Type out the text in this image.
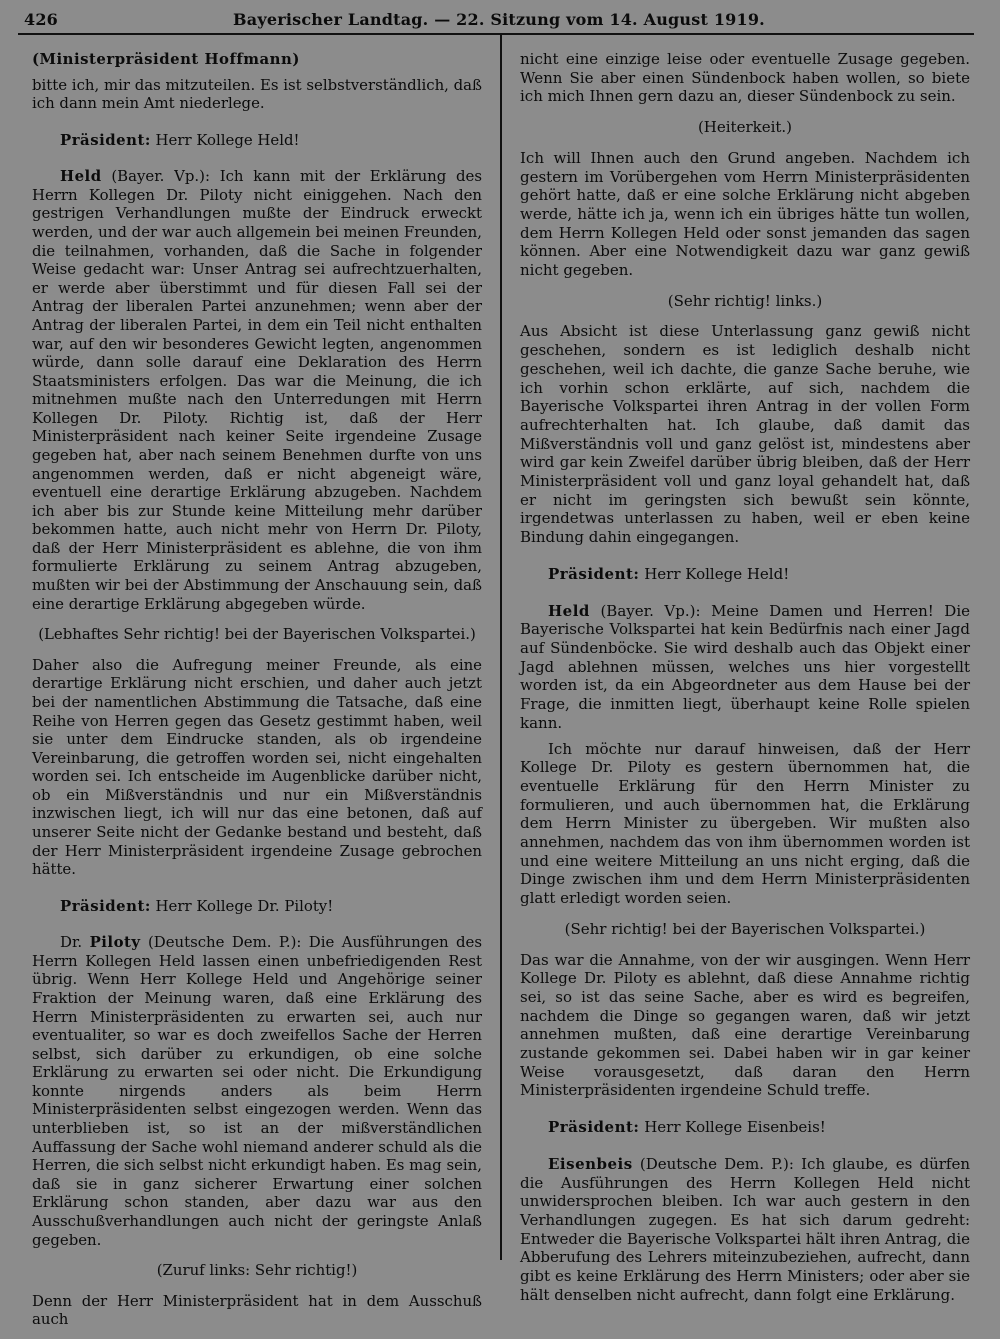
426	Bayerischer Landtag. — 22. Sitzung vom 14. August 1919.

(Ministerpräsident Hoffmann)

bitte ich, mir das mitzuteilen. Es ist selbstverständlich, daß ich dann mein Amt niederlege.

Präsident: Herr Kollege Held!

Held (Bayer. Vp.): Ich kann mit der Erklärung des Herrn Kollegen Dr. Piloty nicht einiggehen. Nach den gestrigen Verhandlungen mußte der Eindruck erweckt werden, und der war auch allgemein bei meinen Freunden, die teilnahmen, vorhanden, daß die Sache in folgender Weise gedacht war: Unser Antrag sei aufrechtzuerhalten, er werde aber überstimmt und für diesen Fall sei der Antrag der liberalen Partei anzunehmen; wenn aber der Antrag der liberalen Partei, in dem ein Teil nicht enthalten war, auf den wir besonderes Gewicht legten, angenommen würde, dann solle darauf eine Deklaration des Herrn Staatsministers erfolgen. Das war die Meinung, die ich mitnehmen mußte nach den Unterredungen mit Herrn Kollegen Dr. Piloty. Richtig ist, daß der Herr Ministerpräsident nach keiner Seite irgendeine Zusage gegeben hat, aber nach seinem Benehmen durfte von uns angenommen werden, daß er nicht abgeneigt wäre, eventuell eine derartige Erklärung abzugeben. Nachdem ich aber bis zur Stunde keine Mitteilung mehr darüber bekommen hatte, auch nicht mehr von Herrn Dr. Piloty, daß der Herr Ministerpräsident es ablehne, die von ihm formulierte Erklärung zu seinem Antrag abzugeben, mußten wir bei der Abstimmung der Anschauung sein, daß eine derartige Erklärung abgegeben würde.

(Lebhaftes Sehr richtig! bei der Bayerischen Volkspartei.)

Daher also die Aufregung meiner Freunde, als eine derartige Erklärung nicht erschien, und daher auch jetzt bei der namentlichen Abstimmung die Tatsache, daß eine Reihe von Herren gegen das Gesetz gestimmt haben, weil sie unter dem Eindrucke standen, als ob irgendeine Vereinbarung, die getroffen worden sei, nicht eingehalten worden sei. Ich entscheide im Augenblicke darüber nicht, ob ein Mißverständnis und nur ein Mißverständnis inzwischen liegt, ich will nur das eine betonen, daß auf unserer Seite nicht der Gedanke bestand und besteht, daß der Herr Ministerpräsident irgendeine Zusage gebrochen hätte.

Präsident: Herr Kollege Dr. Piloty!

Dr. Piloty (Deutsche Dem. P.): Die Ausführungen des Herrn Kollegen Held lassen einen unbefriedigenden Rest übrig. Wenn Herr Kollege Held und Angehörige seiner Fraktion der Meinung waren, daß eine Erklärung des Herrn Ministerpräsidenten zu erwarten sei, auch nur eventualiter, so war es doch zweifellos Sache der Herren selbst, sich darüber zu erkundigen, ob eine solche Erklärung zu erwarten sei oder nicht. Die Erkundigung konnte nirgends anders als beim Herrn Ministerpräsidenten selbst eingezogen werden. Wenn das unterblieben ist, so ist an der mißverständlichen Auffassung der Sache wohl niemand anderer schuld als die Herren, die sich selbst nicht erkundigt haben. Es mag sein, daß sie in ganz sicherer Erwartung einer solchen Erklärung schon standen, aber dazu war aus den Ausschußverhandlungen auch nicht der geringste Anlaß gegeben.

(Zuruf links: Sehr richtig!)

Denn der Herr Ministerpräsident hat in dem Ausschuß auch

nicht eine einzige leise oder eventuelle Zusage gegeben. Wenn Sie aber einen Sündenbock haben wollen, so biete ich mich Ihnen gern dazu an, dieser Sündenbock zu sein.

(Heiterkeit.)

Ich will Ihnen auch den Grund angeben. Nachdem ich gestern im Vorübergehen vom Herrn Ministerpräsidenten gehört hatte, daß er eine solche Erklärung nicht abgeben werde, hätte ich ja, wenn ich ein übriges hätte tun wollen, dem Herrn Kollegen Held oder sonst jemanden das sagen können. Aber eine Notwendigkeit dazu war ganz gewiß nicht gegeben.

(Sehr richtig! links.)

Aus Absicht ist diese Unterlassung ganz gewiß nicht geschehen, sondern es ist lediglich deshalb nicht geschehen, weil ich dachte, die ganze Sache beruhe, wie ich vorhin schon erklärte, auf sich, nachdem die Bayerische Volkspartei ihren Antrag in der vollen Form aufrechterhalten hat. Ich glaube, daß damit das Mißverständnis voll und ganz gelöst ist, mindestens aber wird gar kein Zweifel darüber übrig bleiben, daß der Herr Ministerpräsident voll und ganz loyal gehandelt hat, daß er nicht im geringsten sich bewußt sein könnte, irgendetwas unterlassen zu haben, weil er eben keine Bindung dahin eingegangen.

Präsident: Herr Kollege Held!

Held (Bayer. Vp.): Meine Damen und Herren! Die Bayerische Volkspartei hat kein Bedürfnis nach einer Jagd auf Sündenböcke. Sie wird deshalb auch das Objekt einer Jagd ablehnen müssen, welches uns hier vorgestellt worden ist, da ein Abgeordneter aus dem Hause bei der Frage, die inmitten liegt, überhaupt keine Rolle spielen kann.

Ich möchte nur darauf hinweisen, daß der Herr Kollege Dr. Piloty es gestern übernommen hat, die eventuelle Erklärung für den Herrn Minister zu formulieren, und auch übernommen hat, die Erklärung dem Herrn Minister zu übergeben. Wir mußten also annehmen, nachdem das von ihm übernommen worden ist und eine weitere Mitteilung an uns nicht erging, daß die Dinge zwischen ihm und dem Herrn Ministerpräsidenten glatt erledigt worden seien.

(Sehr richtig! bei der Bayerischen Volkspartei.)

Das war die Annahme, von der wir ausgingen. Wenn Herr Kollege Dr. Piloty es ablehnt, daß diese Annahme richtig sei, so ist das seine Sache, aber es wird es begreifen, nachdem die Dinge so gegangen waren, daß wir jetzt annehmen mußten, daß eine derartige Vereinbarung zustande gekommen sei. Dabei haben wir in gar keiner Weise vorausgesetzt, daß daran den Herrn Ministerpräsidenten irgendeine Schuld treffe.

Präsident: Herr Kollege Eisenbeis!

Eisenbeis (Deutsche Dem. P.): Ich glaube, es dürfen die Ausführungen des Herrn Kollegen Held nicht unwidersprochen bleiben. Ich war auch gestern in den Verhandlungen zugegen. Es hat sich darum gedreht: Entweder die Bayerische Volkspartei hält ihren Antrag, die Abberufung des Lehrers miteinzubeziehen, aufrecht, dann gibt es keine Erklärung des Herrn Ministers; oder aber sie hält denselben nicht aufrecht, dann folgt eine Erklärung.
